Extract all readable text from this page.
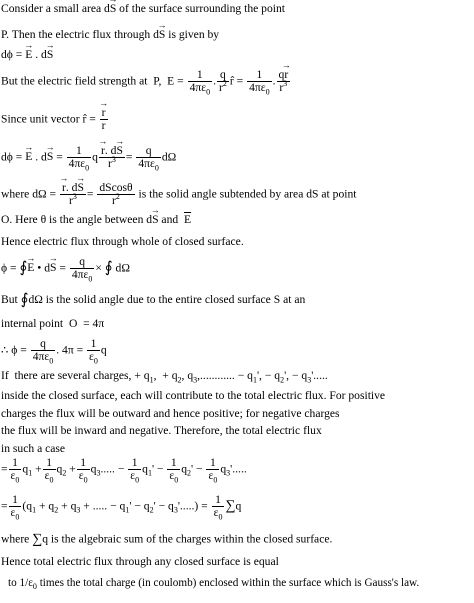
Consider a small area d→ S of the surface surrounding the point
P. Then the electric flux through d→ S is given by
dϕ = → E . d→ S
But the electric field strength at  P,  $E = \frac{1}{4\pi\varepsilon_0}$ . $\frac{q}{r^2}$ r̂ = $\frac{1}{4\pi\varepsilon_0}$ . $\frac{q\to r}{r^3}$
Since unit vector r̂ = → $\frac{r}{r}$
dϕ = → E . $d\to S = \frac{1}{4\pi\varepsilon_0}$ $q \to \frac{r. d\to S}{r^3} = \frac{q}{4\pi\varepsilon_0}$ dΩ
where dΩ = → $\frac{r. d\to S}{r^3} = \frac{dScos\theta}{r^2}$ is the solid angle subtended by area dS at point
O. Here θ is the angle between d→ S and  $\overline{E}$
Hence electric flux through whole of closed surface.
ϕ = ∮→ E • $d\to S = \frac{q}{4\pi\varepsilon_0}$ × ∮ dΩ
But ∮dΩ is the solid angle due to the entire closed surface S at an
internal point  O  = 4π
∴ $\phi = \frac{q}{4\pi\varepsilon_0}$ . $4\pi = \frac{1}{\varepsilon_0}$ q
If  there are several charges, + $q_1$,  + $q_2$, $q_3$,............ − $q_1'$, − $q_2'$, − $q_3'$.....
inside the closed surface, each will contribute to the total electric flux. For positive
charges the flux will be outward and hence positive; for negative charges
the flux will be inward and negative. Therefore, the total electric flux
in such a case
= $\frac{1}{\varepsilon_0} q_1 + \frac{1}{\varepsilon_0} q_2 + \frac{1}{\varepsilon_0} q_3$..... − $\frac{1}{\varepsilon_0} q_1' - \frac{1}{\varepsilon_0} q_2' - \frac{1}{\varepsilon_0} q_3'$.....
= $\frac{1}{\varepsilon_0} (q_1 + q_2 + q_3$ + ..... − $q_1' - q_2' - q_3'.....) = \frac{1}{\varepsilon_0} \sum q$
where ∑q is the algebraic sum of the charges within the closed surface.
Hence total electric flux through any closed surface is equal
to $1/\varepsilon_0$ times the total charge (in coulomb) enclosed within the surface which is Gauss's law.
